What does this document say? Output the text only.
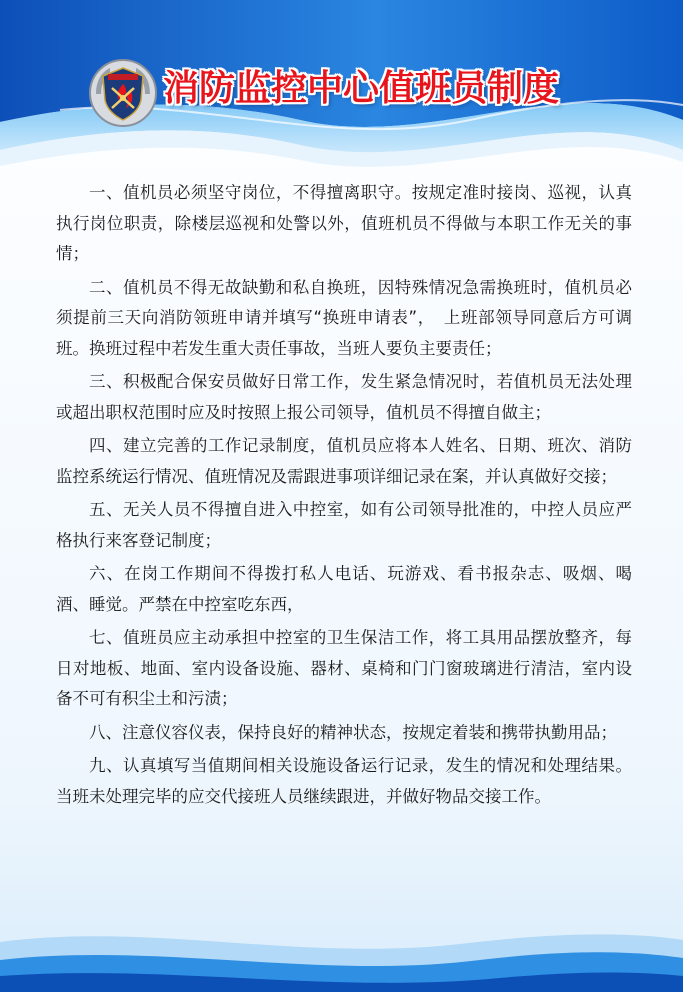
消防监控中心值班员制度

一、值机员必须坚守岗位，不得擅离职守。按规定准时接岗、巡视，认真执行岗位职责，除楼层巡视和处警以外，值班机员不得做与本职工作无关的事情；

二、值机员不得无故缺勤和私自换班，因特殊情况急需换班时，值机员必须提前三天向消防领班申请并填写“换班申请表”，　上班部领导同意后方可调班。换班过程中若发生重大责任事故，当班人要负主要责任；

三、积极配合保安员做好日常工作，发生紧急情况时，若值机员无法处理或超出职权范围时应及时按照上报公司领导，值机员不得擅自做主；

四、建立完善的工作记录制度，值机员应将本人姓名、日期、班次、消防监控系统运行情况、值班情况及需跟进事项详细记录在案，并认真做好交接；

五、无关人员不得擅自进入中控室，如有公司领导批准的，中控人员应严格执行来客登记制度；

六、在岗工作期间不得拨打私人电话、玩游戏、看书报杂志、吸烟、喝酒、睡觉。严禁在中控室吃东西，

七、值班员应主动承担中控室的卫生保洁工作，将工具用品摆放整齐，每日对地板、地面、室内设备设施、器材、桌椅和门门窗玻璃进行清洁，室内设备不可有积尘土和污渍；

八、注意仪容仪表，保持良好的精神状态，按规定着装和携带执勤用品；

九、认真填写当值期间相关设施设备运行记录，发生的情况和处理结果。当班未处理完毕的应交代接班人员继续跟进，并做好物品交接工作。
